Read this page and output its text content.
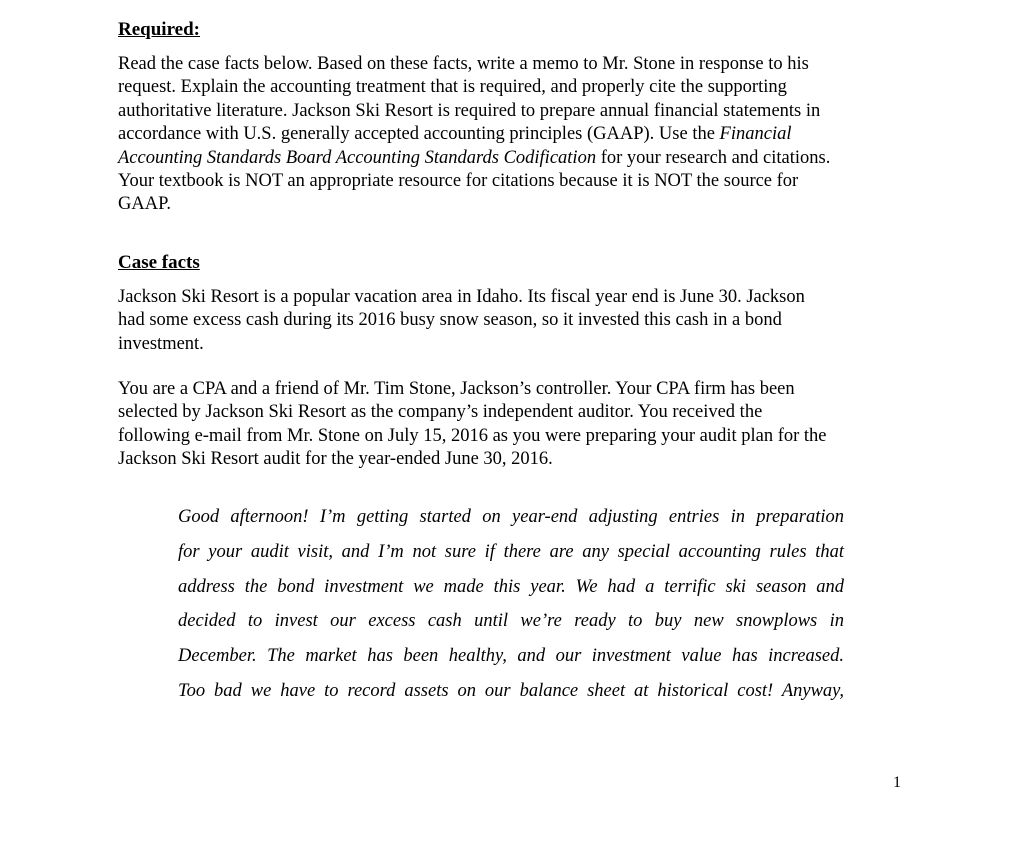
Required:
Read the case facts below. Based on these facts, write a memo to Mr. Stone in response to his
request. Explain the accounting treatment that is required, and properly cite the supporting
authoritative literature. Jackson Ski Resort is required to prepare annual financial statements in
accordance with U.S. generally accepted accounting principles (GAAP). Use the Financial
Accounting Standards Board Accounting Standards Codification for your research and citations.
Your textbook is NOT an appropriate resource for citations because it is NOT the source for
GAAP.
Case facts
Jackson Ski Resort is a popular vacation area in Idaho. Its fiscal year end is June 30. Jackson
had some excess cash during its 2016 busy snow season, so it invested this cash in a bond
investment.
You are a CPA and a friend of Mr. Tim Stone, Jackson’s controller. Your CPA firm has been
selected by Jackson Ski Resort as the company’s independent auditor. You received the
following e-mail from Mr. Stone on July 15, 2016 as you were preparing your audit plan for the
Jackson Ski Resort audit for the year-ended June 30, 2016.
Good afternoon! I’m getting started on year-end adjusting entries in preparation
for your audit visit, and I’m not sure if there are any special accounting rules that
address the bond investment we made this year. We had a terrific ski season and
decided to invest our excess cash until we’re ready to buy new snowplows in
December. The market has been healthy, and our investment value has increased.
Too bad we have to record assets on our balance sheet at historical cost! Anyway,
1
